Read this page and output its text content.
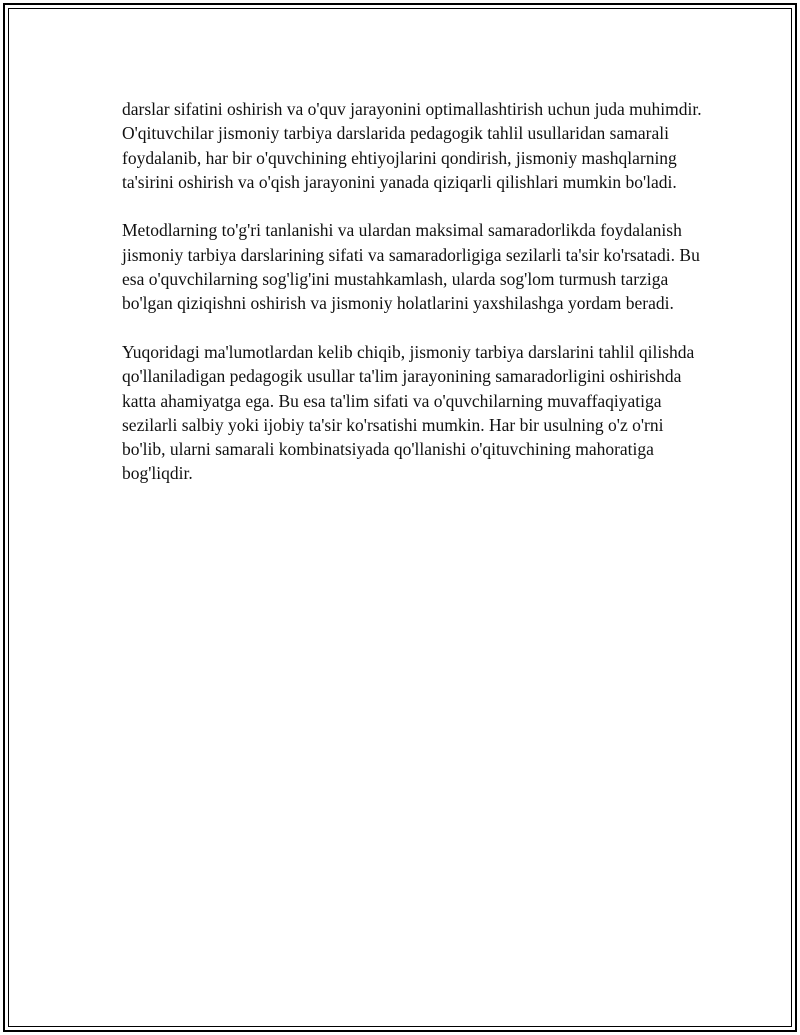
darslar sifatini oshirish va o'quv jarayonini optimallashtirish uchun juda muhimdir. O'qituvchilar jismoniy tarbiya darslarida pedagogik tahlil usullaridan samarali foydalanib, har bir o'quvchining ehtiyojlarini qondirish, jismoniy mashqlarning ta'sirini oshirish va o'qish jarayonini yanada qiziqarli qilishlari mumkin bo'ladi.

Metodlarning to'g'ri tanlanishi va ulardan maksimal samaradorlikda foydalanish jismoniy tarbiya darslarining sifati va samaradorligiga sezilarli ta'sir ko'rsatadi. Bu esa o'quvchilarning sog'lig'ini mustahkamlash, ularda sog'lom turmush tarziga bo'lgan qiziqishni oshirish va jismoniy holatlarini yaxshilashga yordam beradi.

Yuqoridagi ma'lumotlardan kelib chiqib, jismoniy tarbiya darslarini tahlil qilishda qo'llaniladigan pedagogik usullar ta'lim jarayonining samaradorligini oshirishda katta ahamiyatga ega. Bu esa ta'lim sifati va o'quvchilarning muvaffaqiyatiga sezilarli salbiy yoki ijobiy ta'sir ko'rsatishi mumkin. Har bir usulning o'z o'rni bo'lib, ularni samarali kombinatsiyada qo'llanishi o'qituvchining mahoratiga bog'liqdir.
